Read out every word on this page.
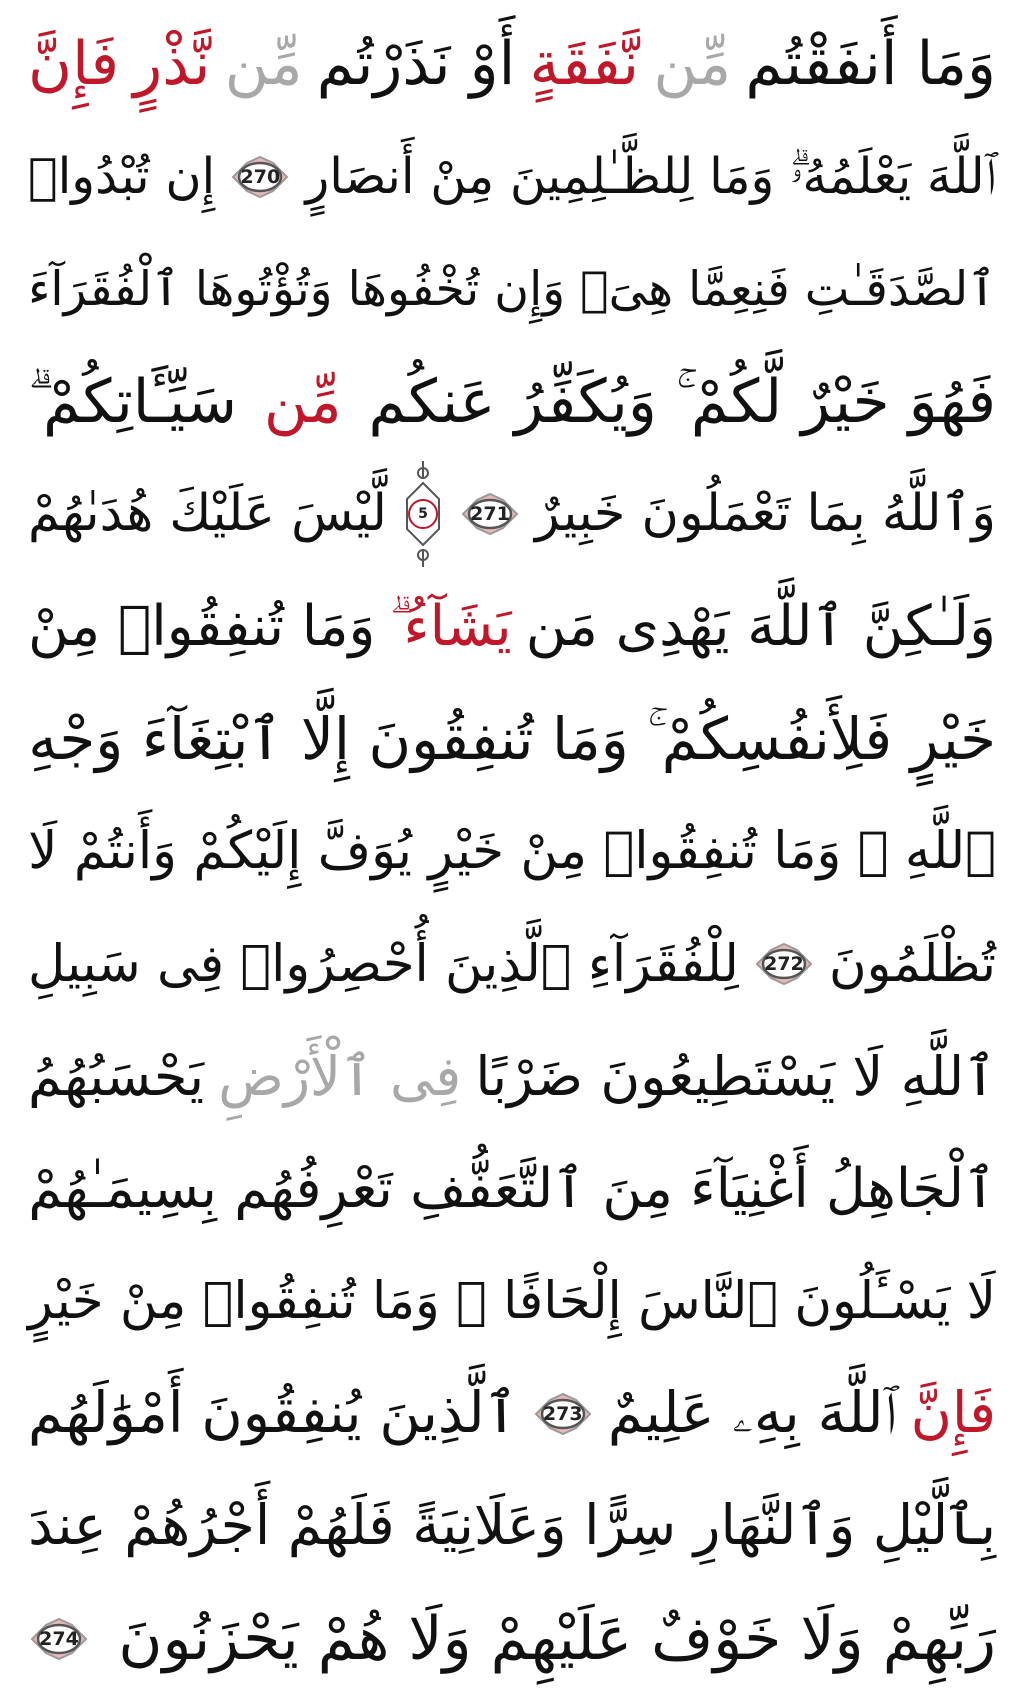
وَمَا أَنفَقْتُم
مِّن
نَّفَقَةٍ
أَوْ نَذَرْتُم
مِّن
نَّذْرٍ
فَإِنَّ
ٱللَّهَ يَعْلَمُهُۥۗ وَمَا لِلظَّـٰلِمِينَ مِنْ أَنصَارٍ
270
إِن تُبْدُوا۟
ٱلصَّدَقَـٰتِ فَنِعِمَّا هِىَۖ وَإِن تُخْفُوهَا وَتُؤْتُوهَا ٱلْفُقَرَآءَ
فَهُوَ خَيْرٌ لَّكُمْ ۚ وَيُكَفِّرُ عَنكُم
مِّن
سَيِّـَٔاتِكُمْ ۗ
وَٱللَّهُ بِمَا تَعْمَلُونَ خَبِيرٌ
271
5
لَّيْسَ عَلَيْكَ هُدَىٰهُمْ
وَلَـٰكِنَّ ٱللَّهَ يَهْدِى مَن
يَشَآءُ ۗ
وَمَا تُنفِقُوا۟ مِنْ
خَيْرٍ فَلِأَنفُسِكُمْ ۚ وَمَا تُنفِقُونَ إِلَّا ٱبْتِغَآءَ وَجْهِ
ٱللَّهِ ۚ وَمَا تُنفِقُوا۟ مِنْ خَيْرٍ يُوَفَّ إِلَيْكُمْ وَأَنتُمْ لَا
تُظْلَمُونَ
272
لِلْفُقَرَآءِ ٱلَّذِينَ أُحْصِرُوا۟ فِى سَبِيلِ
ٱللَّهِ لَا يَسْتَطِيعُونَ ضَرْبًا
فِى ٱلْأَرْضِ
يَحْسَبُهُمُ
ٱلْجَاهِلُ أَغْنِيَآءَ مِنَ ٱلتَّعَفُّفِ تَعْرِفُهُم بِسِيمَـٰهُمْ
لَا يَسْـَٔلُونَ ٱلنَّاسَ إِلْحَافًا ۗ وَمَا تُنفِقُوا۟ مِنْ خَيْرٍ
فَإِنَّ
ٱللَّهَ بِهِۦ عَلِيمٌ
273
ٱلَّذِينَ يُنفِقُونَ أَمْوَٰلَهُم
بِٱلَّيْلِ وَٱلنَّهَارِ سِرًّا وَعَلَانِيَةً فَلَهُمْ أَجْرُهُمْ عِندَ
رَبِّهِمْ وَلَا خَوْفٌ عَلَيْهِمْ وَلَا هُمْ يَحْزَنُونَ
274
